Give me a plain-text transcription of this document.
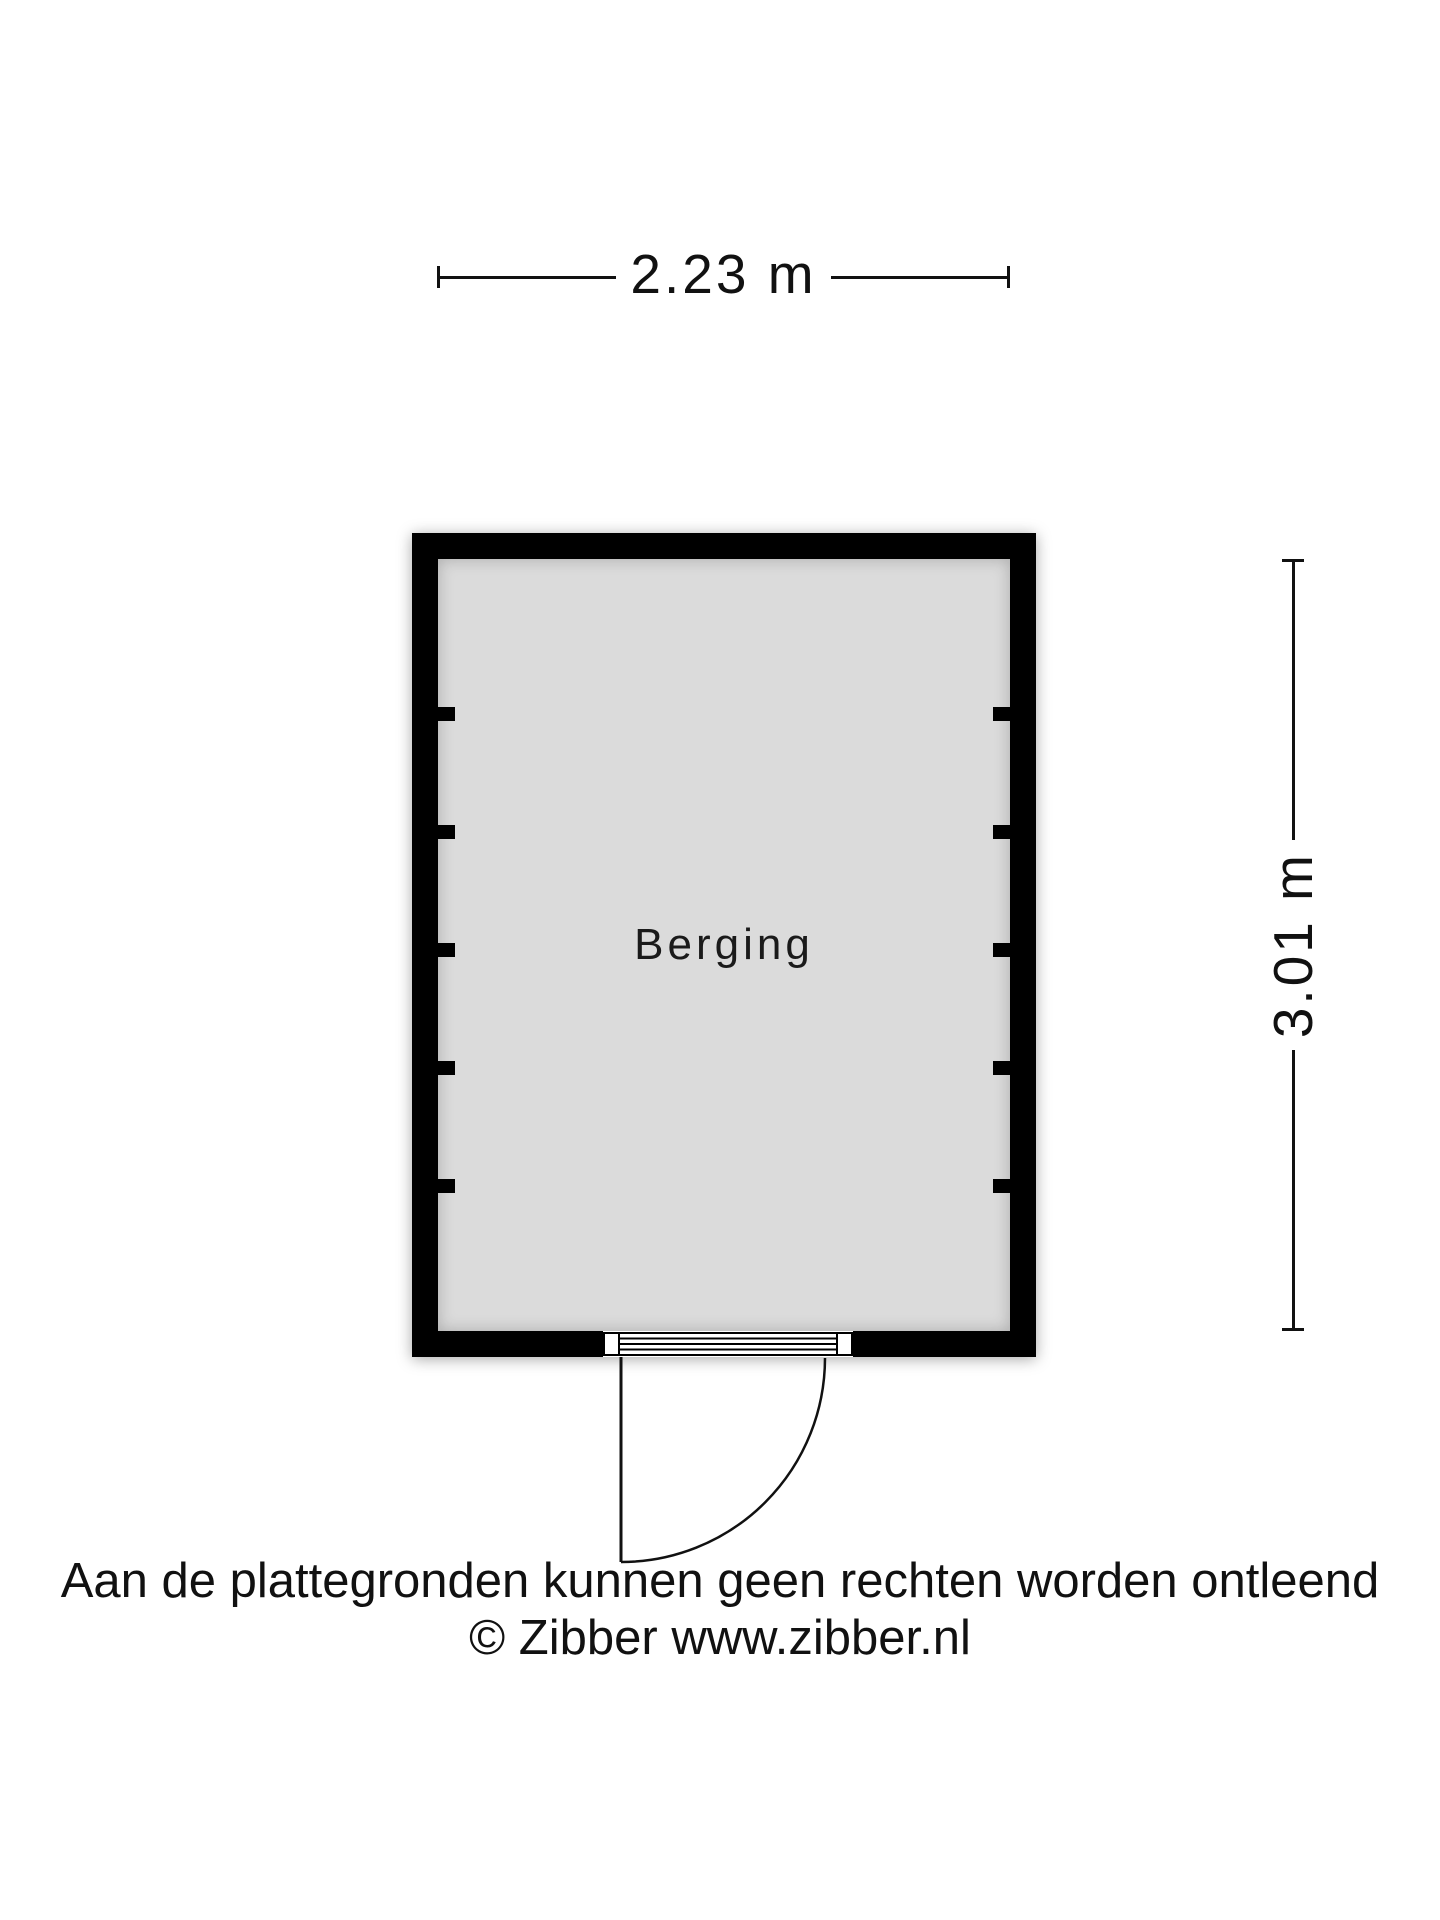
2.23 m
Berging	3.01 m
Aan de plattegronden kunnen geen rechten worden ontleend
© Zibber www.zibber.nl
